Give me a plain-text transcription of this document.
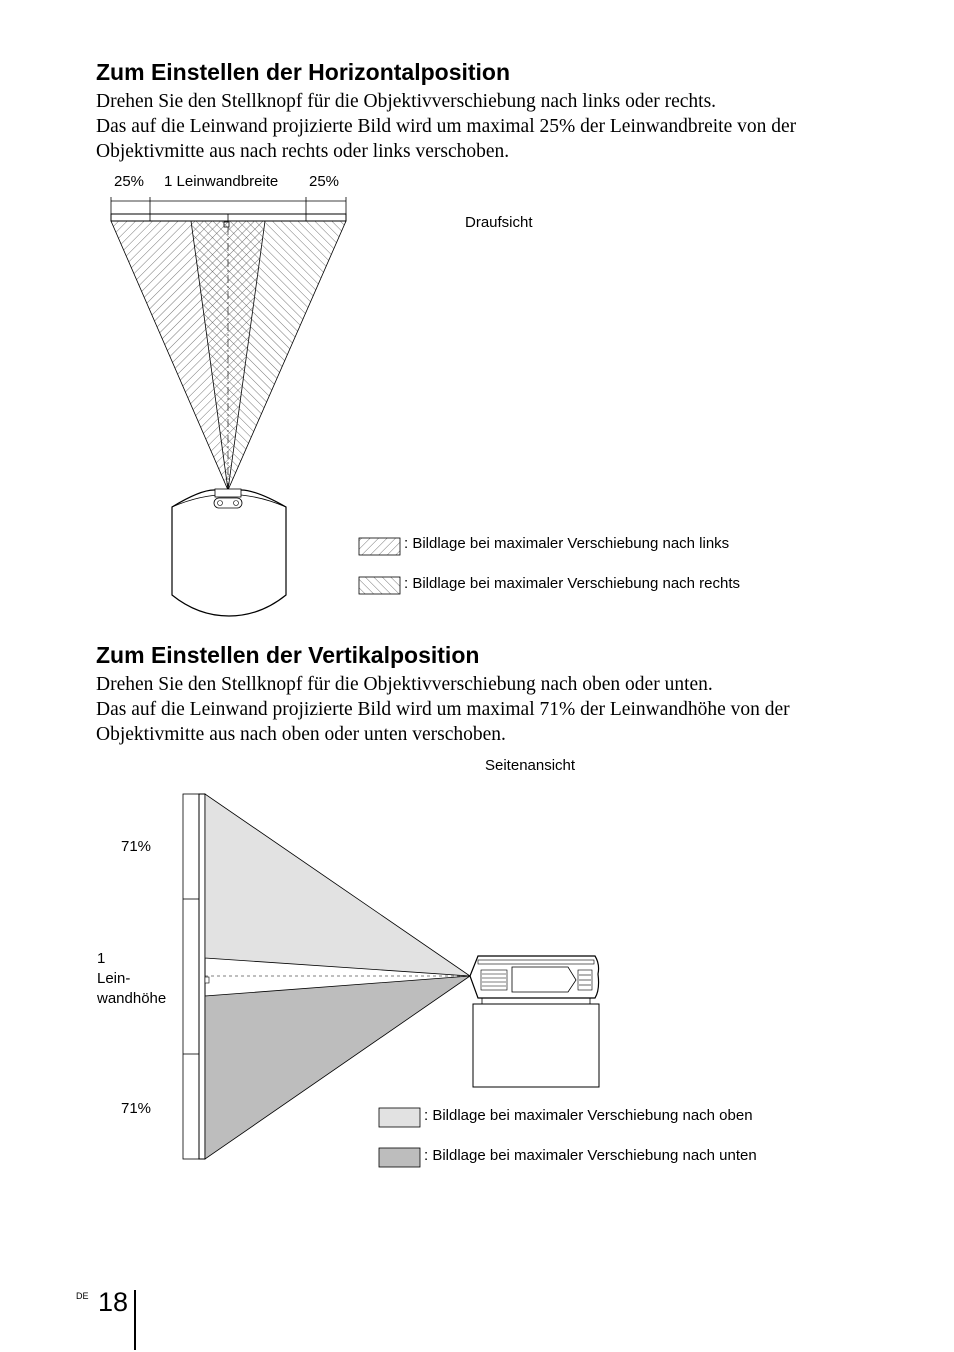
Zum Einstellen der Horizontalposition
Drehen Sie den Stellknopf für die Objektivverschiebung nach links oder rechts.
Das auf die Leinwand projizierte Bild wird um maximal 25% der Leinwandbreite von der
Objektivmitte aus nach rechts oder links verschoben.
25% 1 Leinwandbreite 25%
Draufsicht
: Bildlage bei maximaler Verschiebung nach links
: Bildlage bei maximaler Verschiebung nach rechts
Zum Einstellen der Vertikalposition
Drehen Sie den Stellknopf für die Objektivverschiebung nach oben oder unten.
Das auf die Leinwand projizierte Bild wird um maximal 71% der Leinwandhöhe von der
Objektivmitte aus nach oben oder unten verschoben.
Seitenansicht
71%
1
Lein-
wandhöhe
71%	: Bildlage bei maximaler Verschiebung nach oben
: Bildlage bei maximaler Verschiebung nach unten
DE 18
